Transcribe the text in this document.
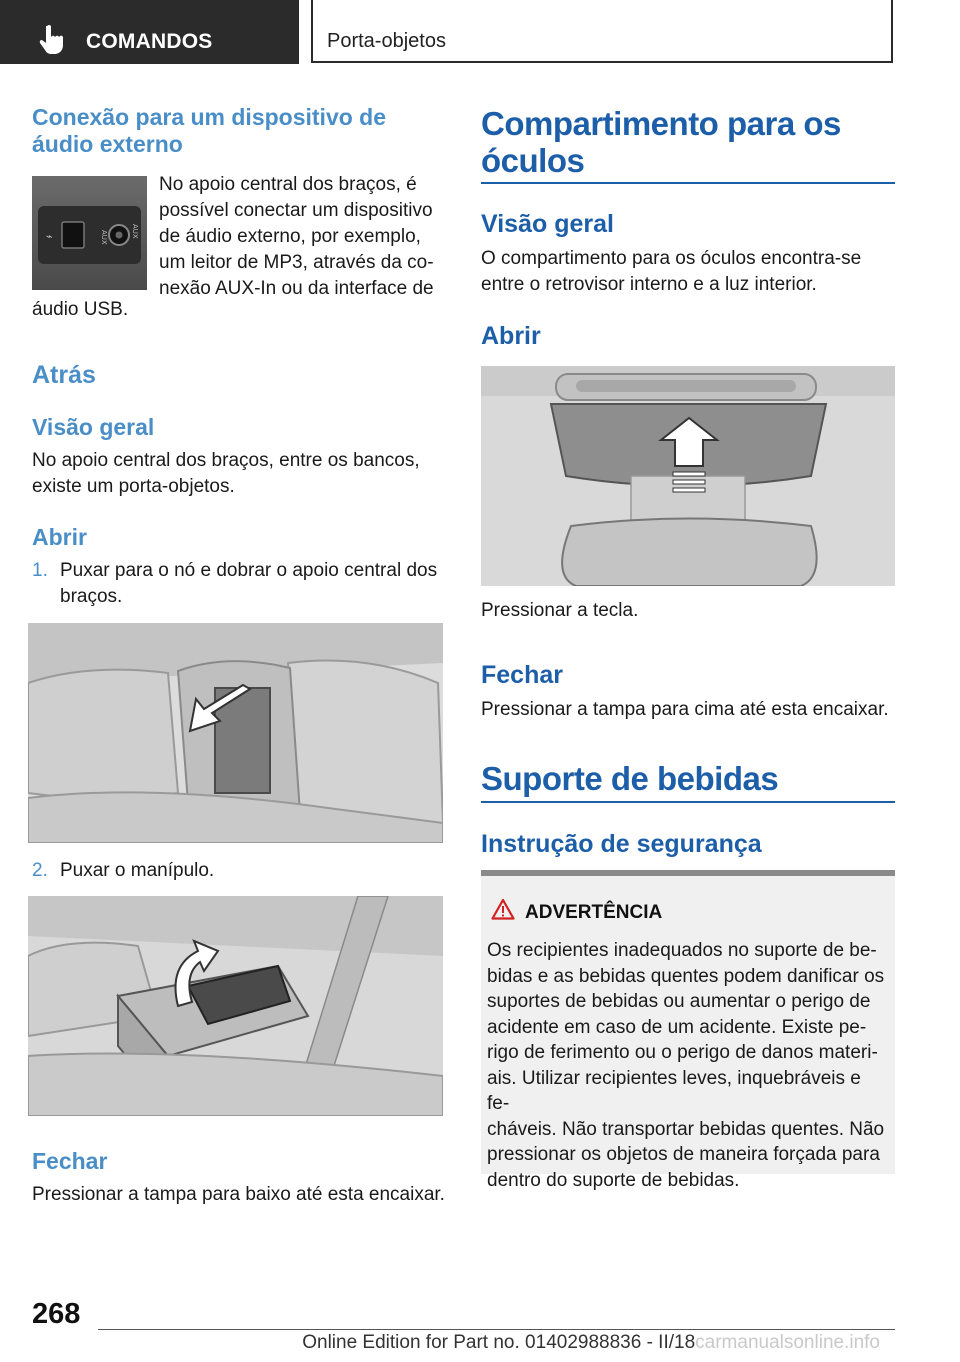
COMANDOS	Porta-objetos
Conexão para um dispositivo de áudio externo
⌁	AUX	AUX
No apoio central dos braços, é
possível conectar um dispositivo
de áudio externo, por exemplo,
um leitor de MP3, através da co-
nexão AUX-In ou da interface de
áudio USB.
Atrás
Visão geral
No apoio central dos braços, entre os bancos,
existe um porta-objetos.
Abrir
1. Puxar para o nó e dobrar o apoio central dos
braços.
2. Puxar o manípulo.
Fechar
Pressionar a tampa para baixo até esta encaixar.
Compartimento para os
óculos
Visão geral
O compartimento para os óculos encontra-se
entre o retrovisor interno e a luz interior.
Abrir
Pressionar a tecla.
Fechar
Pressionar a tampa para cima até esta encaixar.
Suporte de bebidas
Instrução de segurança
ADVERTÊNCIA
Os recipientes inadequados no suporte de be-
bidas e as bebidas quentes podem danificar os
suportes de bebidas ou aumentar o perigo de
acidente em caso de um acidente. Existe pe-
rigo de ferimento ou o perigo de danos materi-
ais. Utilizar recipientes leves, inquebráveis e fe-
cháveis. Não transportar bebidas quentes. Não
pressionar os objetos de maneira forçada para
dentro do suporte de bebidas.
268
Online Edition for Part no. 01402988836 - II/18carmanualsonline.info
